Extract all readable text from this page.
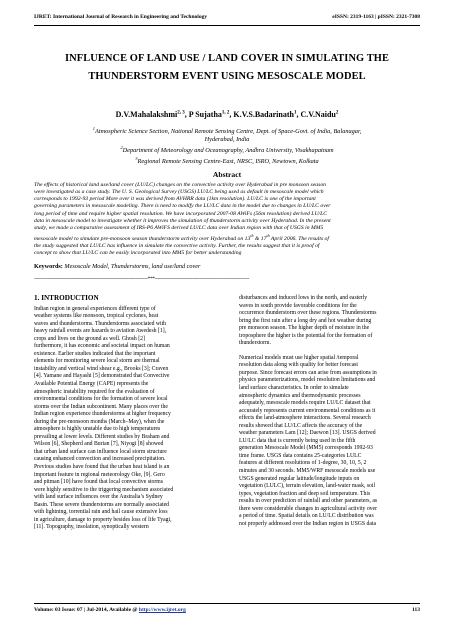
IJRET: International Journal of Research in Engineering and Technology	eISSN: 2319-1163 | pISSN: 2321-7308
INFLUENCE OF LAND USE / LAND COVER IN SIMULATING THE
THUNDERSTORM EVENT USING MESOSCALE MODEL
D.V.Mahalakshmi$^{2, 3}$, P Sujatha$^{1, 2}$, K.V.S.Badarinath$^1$, C.V.Naidu$^2$
$^1$Atmospheric Science Section, National Remote Sensing Centre, Dept. of Space-Govt. of India, Balanagar,
Hyderabad, India
$^2$Department of Meteorology and Oceanography, Andhra University, Visakhapatnam
$^3$Regional Remote Sensing Centre-East, NRSC, ISRO, Newtown, Kolkata
Abstract
The effects of historical land use/land cover (LU/LC) changes on the convective activity over Hyderabad in pre monsoon season
were investigated as a case study. The U. S. Geological Survey (USGS) LU/LC being used as default in mesoscale model which
corresponds to 1992-93 period More over it was derived from AVHRR data (1km resolution). LU/LC is one of the important
governing parameters in mesoscale modeling. There is need to modify the LU/LC data in the model due to changes in LU/LC over
long period of time and require higher spatial resolution. We have incorporated 2007-08 AWiFs (56m resolution) derived LU/LC
data in mesoscale model to investigate whether it improves the simulation of thunderstorm activity over Hyderabad. In the present
study, we made a comparative assessment of IRS-P6 AWiFS derived LU/LC data over Indian region with that of USGS in MM5
mesoscale model to simulate pre-monsoon season thunderstorm activity over Hyderabad on 13th & 17th April 2006. The results of
the study suggested that LU/LC has influence in simulate the convective activity. Further, the results suggest that it is proof of
concept to show that LU/LC can be easily incorporated into MM5 for better understanding
Keywords: Mesoscale Model, Thunderstorms, land use/land cover
----------------------------------------------------------------------------***---------------------------------------------------------------
1. INTRODUCTION

Indian region in general experiences different type of

weather systems like monsoon, tropical cyclones, heat

waves and thunderstorms. Thunderstorms associated with

heavy rainfall events are hazards to aviation Awedesh [1],

crops and lives on the ground as well. Ghosh [2]

furthermore, it has economic and societal impact on human

existence. Earlier studies indicated that the important

elements for monitoring severe local storm are thermal

instability and vertical wind shear e.g., Brooks [3]; Craven

[4]. Yamane and Hayashi [5] demonstrated that Convective

Available Potential Energy (CAPE) represents the

atmospheric instability required for the evaluation of

environmental conditions for the formation of severe local

storms over the Indian subcontinent. Many places over the

Indian region experience thunderstorms at higher frequency

during the pre-monsoon months (March–May), when the

atmosphere is highly unstable due to high temperatures

prevailing at lower levels. Different studies by Braham and

Wilson [6], Shepherd and Burian [7], Niyogi [8] showed

that urban land surface can influence local storm structure

causing enhanced convection and increased precipitation.

Previous studies have found that the urban heat island is an

important feature in regional meteorology Oke, [9]. Gero

and pitman [10] have found that local convective storms

were highly sensitive to the triggering mechanism associated

with land surface influences over the Australia’s Sydney

Basin. These severe thunderstorms are normally associated

with lightning, torrential rain and hail cause extensive loss

in agriculture, damage to property besides loss of life Tyagi,

[11]. Topography, insolation, synoptically western

disturbances and induced lows in the north, and easterly

waves in south provide favorable conditions for the

occurrence thunderstorm over these regions. Thunderstorms

bring the first rain after a long dry and hot weather during

pre monsoon season. The higher depth of moisture in the

troposphere the higher is the potential for the formation of

thunderstorm.

Numerical models must use higher spatial /temporal

resolution data along with quality for better forecast

purpose. Since forecast errors can arise from assumptions in

physics parameterizations, model resolution limitations and

land surface characteristics. In order to simulate

atmospheric dynamics and thermodynamic processes

adequately, mesoscale models require LU/LC dataset that

accurately represents current environmental conditions as it

effects the land-atmosphere interactions. Several research

results showed that LU/LC affects the accuracy of the

weather parameters Lam [12]; Daewon [13]. USGS derived

LU/LC data that is currently being used in the fifth

generation Mesoscale Model (MM5) corresponds 1992-93

time frame. USGS data contains 25-categories LULC

features at different resolutions of 1-degree, 30, 10, 5, 2

minutes and 30 seconds. MM5/WRF mesoscale models use

USGS generated regular latitude/longitude inputs on

vegetation (LULC), terrain elevation, land-water mask, soil

types, vegetation fraction and deep soil temperature. This

results in over prediction of rainfall and other parameters, as

there were considerable changes in agricultural activity over

a period of time. Spatial details on LU/LC distribution was

not properly addressed over the Indian region in USGS data

Volume: 03 Issue: 07 | Jul-2014, Available @ http://www.ijret.org	113
